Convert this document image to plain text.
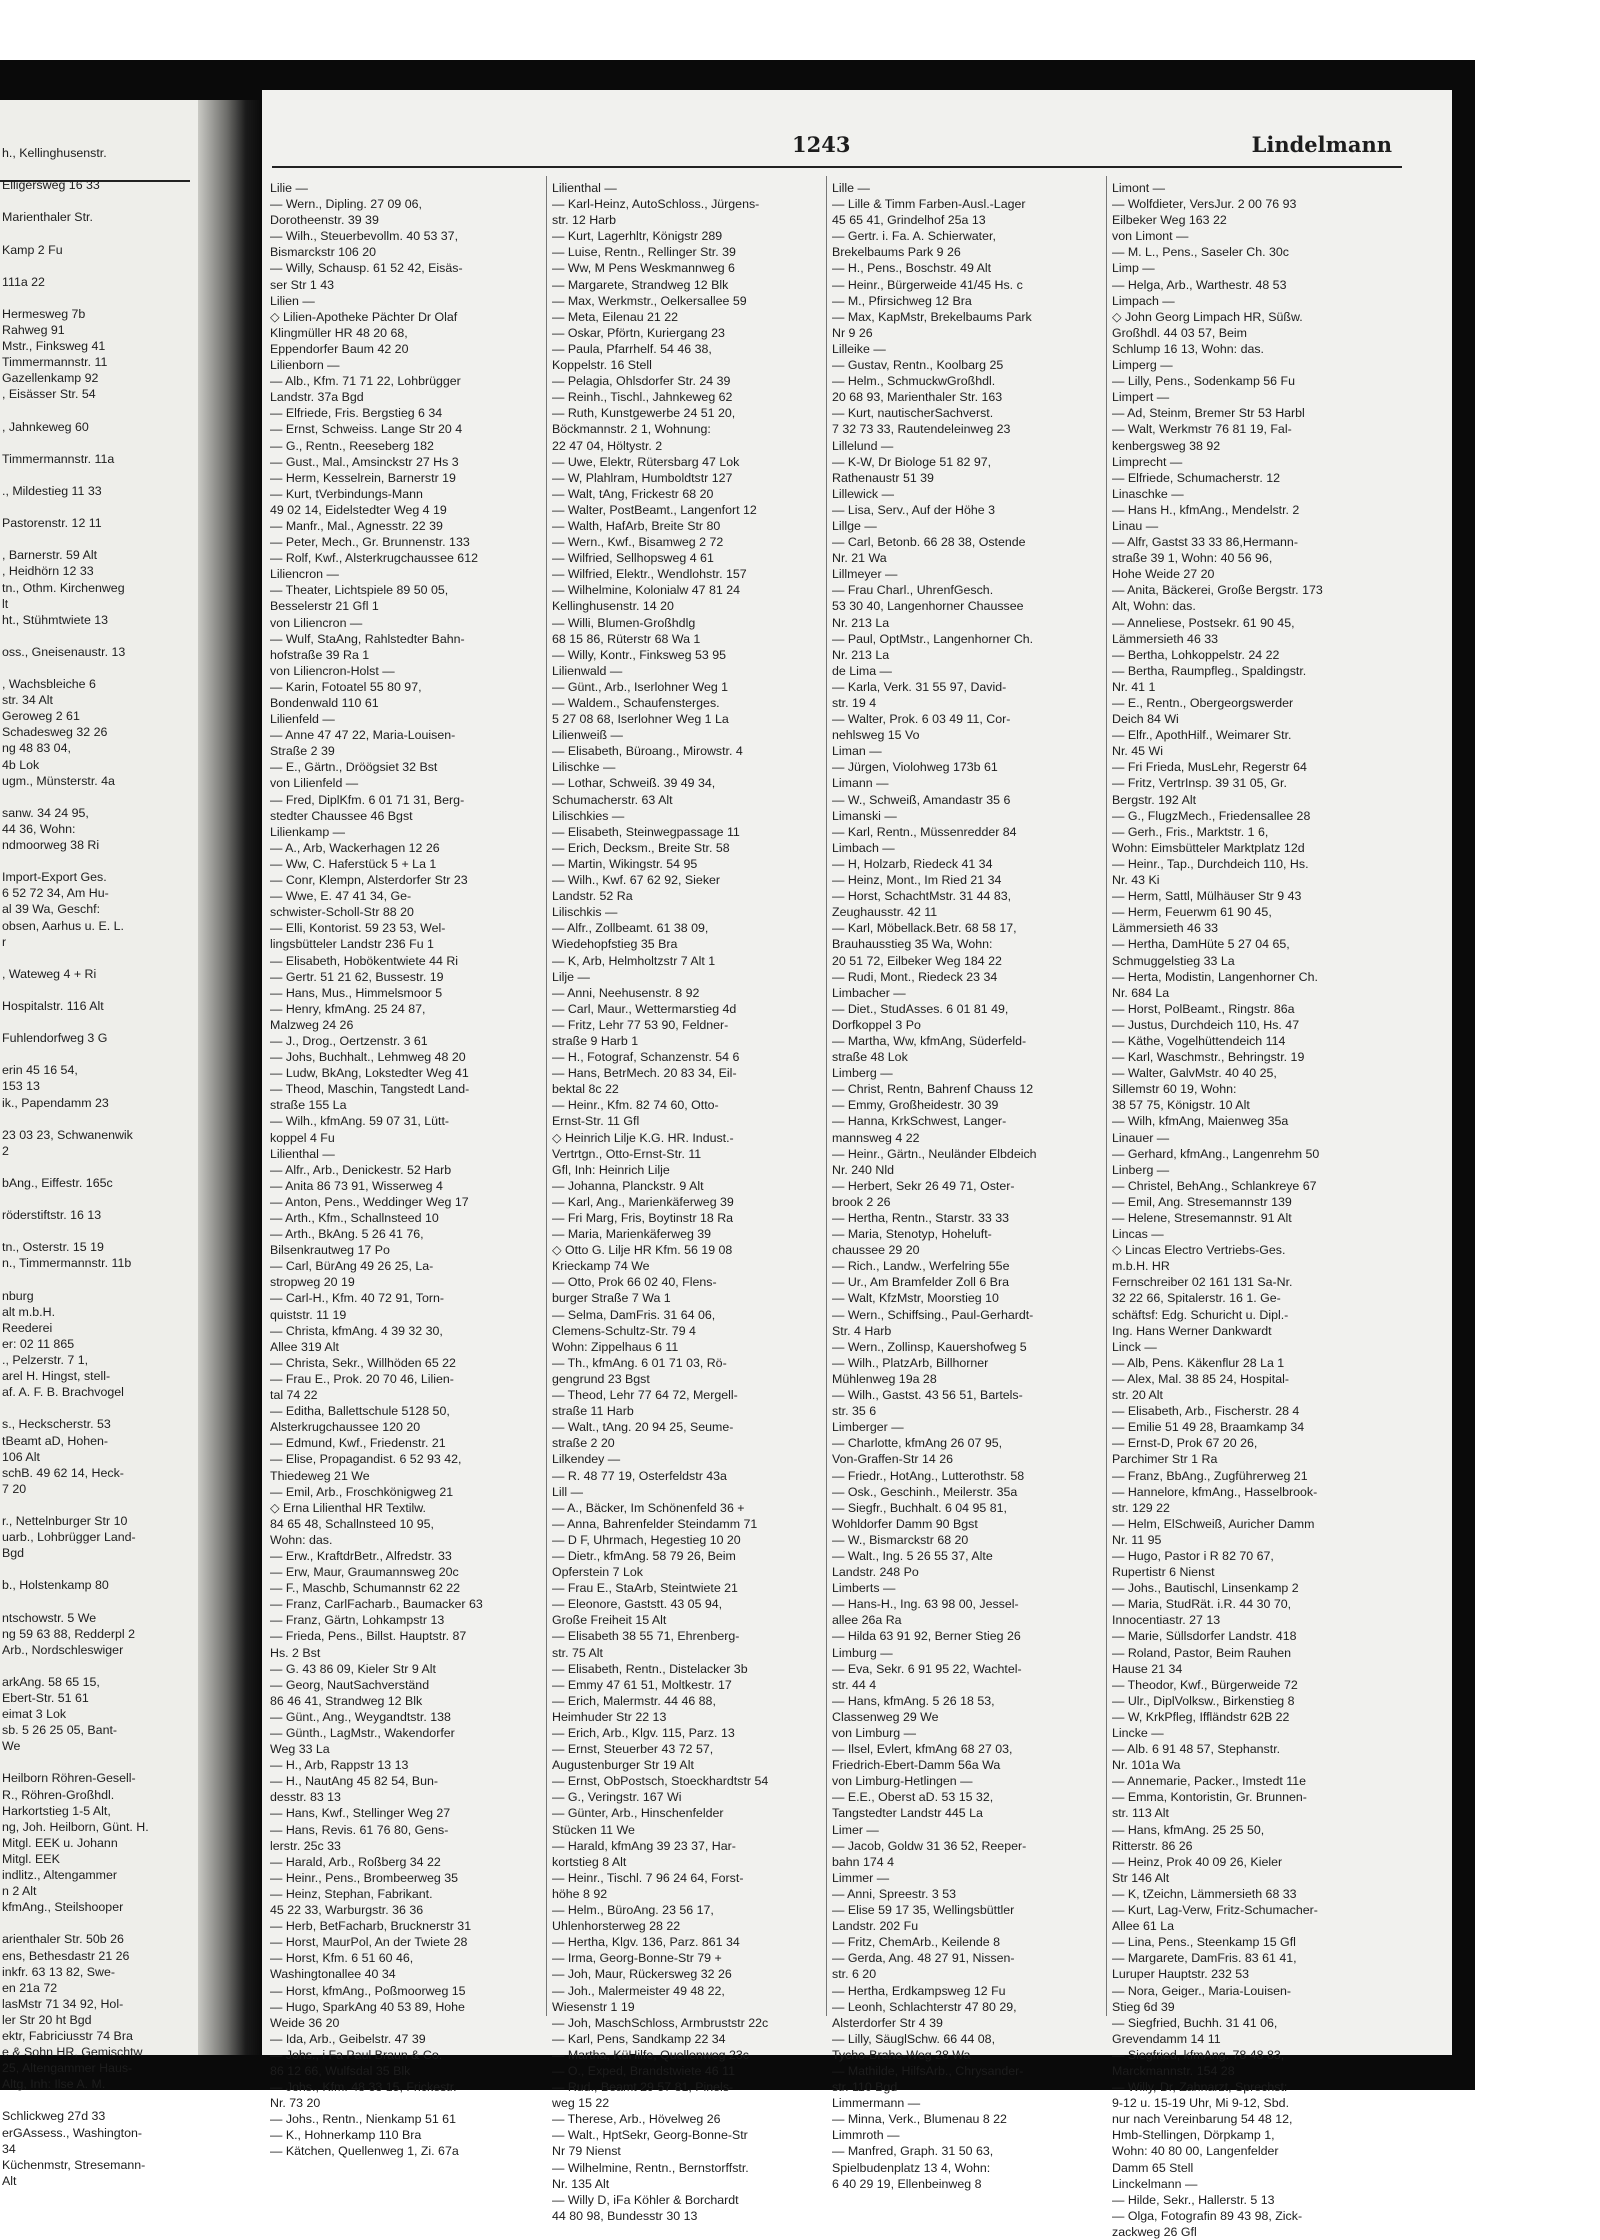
h., Kellinghusenstr.
Elligersweg 16 33
Marienthaler Str.
Kamp 2 Fu
111a 22
Hermesweg 7b
Rahweg 91
Mstr., Finksweg 41
Timmermannstr. 11
Gazellenkamp 92
, Eisässer Str. 54
, Jahnkeweg 60
Timmermannstr. 11a
., Mildestieg 11 33
Pastorenstr. 12 11
, Barnerstr. 59 Alt
, Heidhörn 12 33
tn., Othm. Kirchenweg
lt
ht., Stühmtwiete 13
oss., Gneisenaustr. 13
, Wachsbleiche 6
str. 34 Alt
Geroweg 2 61
Schadesweg 32 26
ng 48 83 04,
4b Lok
ugm., Münsterstr. 4a
sanw. 34 24 95,
44 36, Wohn:
ndmoorweg 38 Ri
Import-Export Ges.
6 52 72 34, Am Hu-
al 39 Wa, Geschf:
obsen, Aarhus u. E. L.
r
, Wateweg 4 + Ri
Hospitalstr. 116 Alt
Fuhlendorfweg 3 G
erin 45 16 54,
153 13
ik., Papendamm 23
23 03 23, Schwanenwik
2
bAng., Eiffestr. 165c
röderstiftstr. 16 13
tn., Osterstr. 15 19
n., Timmermannstr. 11b
nburg
alt m.b.H.
Reederei
er: 02 11 865
., Pelzerstr. 7 1,
arel H. Hingst, stell-
af. A. F. B. Brachvogel
s., Heckscherstr. 53
tBeamt aD, Hohen-
106 Alt
schB. 49 62 14, Heck-
7 20
r., Nettelnburger Str 10
uarb., Lohbrügger Land-
Bgd
b., Holstenkamp 80
ntschowstr. 5 We
ng 59 63 88, Redderpl 2
Arb., Nordschleswiger
arkAng. 58 65 15,
Ebert-Str. 51 61
eimat 3 Lok
sb. 5 26 25 05, Bant-
We
Heilborn Röhren-Gesell-
R., Röhren-Großhdl.
Harkortstieg 1-5 Alt,
ng, Joh. Heilborn, Günt. H.
Mitgl. EEK u. Johann
Mitgl. EEK
indlitz., Altengammer
n 2 Alt
kfmAng., Steilshooper
arienthaler Str. 50b 26
ens, Bethesdastr 21 26
inkfr. 63 13 82, Swe-
en 21a 72
lasMstr 71 34 92, Hol-
ler Str 20 ht Bgd
ektr, Fabriciusstr 74 Bra
e & Sohn HR, Gemischtw
25, Altengammer Haus-
Altg, Inh: Ilse A. M.
Schlickweg 27d 33
erGAssess., Washington-
34
Küchenmstr, Stresemann-
Alt
1243	Lindelmann
Lilie —
— Wern., Dipling. 27 09 06,
Dorotheenstr. 39 39
— Wilh., Steuerbevollm. 40 53 37,
Bismarckstr 106 20
— Willy, Schausp. 61 52 42, Eisäs-
ser Str 1 43
Lilien —
◇ Lilien-Apotheke Pächter Dr Olaf
Klingmüller HR 48 20 68,
Eppendorfer Baum 42 20
Lilienborn —
— Alb., Kfm. 71 71 22, Lohbrügger
Landstr. 37a Bgd
— Elfriede, Fris. Bergstieg 6 34
— Ernst, Schweiss. Lange Str 20 4
— G., Rentn., Reeseberg 182
— Gust., Mal., Amsinckstr 27 Hs 3
— Herm, Kesselrein, Barnerstr 19
— Kurt, tVerbindungs-Mann
49 02 14, Eidelstedter Weg 4 19
— Manfr., Mal., Agnesstr. 22 39
— Peter, Mech., Gr. Brunnenstr. 133
— Rolf, Kwf., Alsterkrugchaussee 612
Liliencron —
— Theater, Lichtspiele 89 50 05,
Besselerstr 21 Gfl 1
von Liliencron —
— Wulf, StaAng, Rahlstedter Bahn-
hofstraße 39 Ra 1
von Liliencron-Holst —
— Karin, Fotoatel 55 80 97,
Bondenwald 110 61
Lilienfeld —
— Anne 47 47 22, Maria-Louisen-
Straße 2 39
— E., Gärtn., Dröögsiet 32 Bst
von Lilienfeld —
— Fred, DiplKfm. 6 01 71 31, Berg-
stedter Chaussee 46 Bgst
Lilienkamp —
— A., Arb, Wackerhagen 12 26
— Ww, C. Haferstück 5 + La 1
— Conr, Klempn, Alsterdorfer Str 23
— Wwe, E. 47 41 34, Ge-
schwister-Scholl-Str 88 20
— Elli, Kontorist. 59 23 53, Wel-
lingsbütteler Landstr 236 Fu 1
— Elisabeth, Hobökentwiete 44 Ri
— Gertr. 51 21 62, Bussestr. 19
— Hans, Mus., Himmelsmoor 5
— Henry, kfmAng. 25 24 87,
Malzweg 24 26
— J., Drog., Oertzenstr. 3 61
— Johs, Buchhalt., Lehmweg 48 20
— Ludw, BkAng, Lokstedter Weg 41
— Theod, Maschin, Tangstedt Land-
straße 155 La
— Wilh., kfmAng. 59 07 31, Lütt-
koppel 4 Fu
Lilienthal —
— Alfr., Arb., Denickestr. 52 Harb
— Anita 86 73 91, Wisserweg 4
— Anton, Pens., Weddinger Weg 17
— Arth., Kfm., Schallnsteed 10
— Arth., BkAng. 5 26 41 76,
Bilsenkrautweg 17 Po
— Carl, BürAng 49 26 25, La-
stropweg 20 19
— Carl-H., Kfm. 40 72 91, Torn-
quiststr. 11 19
— Christa, kfmAng. 4 39 32 30,
Allee 319 Alt
— Christa, Sekr., Willhöden 65 22
— Frau E., Prok. 20 70 46, Lilien-
tal 74 22
— Editha, Ballettschule 5128 50,
Alsterkrugchaussee 120 20
— Edmund, Kwf., Friedenstr. 21
— Elise, Propagandist. 6 52 93 42,
Thiedeweg 21 We
— Emil, Arb., Froschkönigweg 21
◇ Erna Lilienthal HR Textilw.
84 65 48, Schallnsteed 10 95,
Wohn: das.
— Erw., KraftdrBetr., Alfredstr. 33
— Erw, Maur, Graumannsweg 20c
— F., Maschb, Schumannstr 62 22
— Franz, CarlFacharb., Baumacker 63
— Franz, Gärtn, Lohkampstr 13
— Frieda, Pens., Billst. Hauptstr. 87
Hs. 2 Bst
— G. 43 86 09, Kieler Str 9 Alt
— Georg, NautSachverständ
86 46 41, Strandweg 12 Blk
— Günt., Ang., Weygandtstr. 138
— Günth., LagMstr., Wakendorfer
Weg 33 La
— H., Arb, Rappstr 13 13
— H., NautAng 45 82 54, Bun-
desstr. 83 13
— Hans, Kwf., Stellinger Weg 27
— Hans, Revis. 61 76 80, Gens-
lerstr. 25c 33
— Harald, Arb., Roßberg 34 22
— Heinr., Pens., Brombeerweg 35
— Heinz, Stephan, Fabrikant.
45 22 33, Warburgstr. 36 36
— Herb, BetFacharb, Brucknerstr 31
— Horst, MaurPol, An der Twiete 28
— Horst, Kfm. 6 51 60 46,
Washingtonallee 40 34
— Horst, kfmAng., Poßmoorweg 15
— Hugo, SparkAng 40 53 89, Hohe
Weide 36 20
— Ida, Arb., Geibelstr. 47 39
— Johs., i Fa Paul Braun & Co.
86 12 66, Wulfsdal 35 Blk
— Johs., Kfm. 48 33 15, Frickestr.
Nr. 73 20
— Johs., Rentn., Nienkamp 51 61
— K., Hohnerkamp 110 Bra
— Kätchen, Quellenweg 1, Zi. 67a
Lilienthal —
— Karl-Heinz, AutoSchloss., Jürgens-
str. 12 Harb
— Kurt, Lagerhltr, Königstr 289
— Luise, Rentn., Rellinger Str. 39
— Ww, M Pens Weskmannweg 6
— Margarete, Strandweg 12 Blk
— Max, Werkmstr., Oelkersallee 59
— Meta, Eilenau 21 22
— Oskar, Pförtn, Kuriergang 23
— Paula, Pfarrhelf. 54 46 38,
Koppelstr. 16 Stell
— Pelagia, Ohlsdorfer Str. 24 39
— Reinh., Tischl., Jahnkeweg 62
— Ruth, Kunstgewerbe 24 51 20,
Böckmannstr. 2 1, Wohnung:
22 47 04, Höltystr. 2
— Uwe, Elektr, Rütersbarg 47 Lok
— W, Plahlram, Humboldtstr 127
— Walt, tAng, Frickestr 68 20
— Walter, PostBeamt., Langenfort 12
— Walth, HafArb, Breite Str 80
— Wern., Kwf., Bisamweg 2 72
— Wilfried, Sellhopsweg 4 61
— Wilfried, Elektr., Wendlohstr. 157
— Wilhelmine, Kolonialw 47 81 24
Kellinghusenstr. 14 20
— Willi, Blumen-Großhdlg
68 15 86, Rüterstr 68 Wa 1
— Willy, Kontr., Finksweg 53 95
Lilienwald —
— Günt., Arb., Iserlohner Weg 1
— Waldem., Schaufensterges.
5 27 08 68, Iserlohner Weg 1 La
Lilienweiß —
— Elisabeth, Büroang., Mirowstr. 4
Lilischke —
— Lothar, Schweiß. 39 49 34,
Schumacherstr. 63 Alt
Lilischkies —
— Elisabeth, Steinwegpassage 11
— Erich, Decksm., Breite Str. 58
— Martin, Wikingstr. 54 95
— Wilh., Kwf. 67 62 92, Sieker
Landstr. 52 Ra
Lilischkis —
— Alfr., Zollbeamt. 61 38 09,
Wiedehopfstieg 35 Bra
— K, Arb, Helmholtzstr 7 Alt 1
Lilje —
— Anni, Neehusenstr. 8 92
— Carl, Maur., Wettermarstieg 4d
— Fritz, Lehr 77 53 90, Feldner-
straße 9 Harb 1
— H., Fotograf, Schanzenstr. 54 6
— Hans, BetrMech. 20 83 34, Eil-
bektal 8c 22
— Heinr., Kfm. 82 74 60, Otto-
Ernst-Str. 11 Gfl
◇ Heinrich Lilje K.G. HR. Indust.-
Vertrtgn., Otto-Ernst-Str. 11
Gfl, Inh: Heinrich Lilje
— Johanna, Planckstr. 9 Alt
— Karl, Ang., Marienkäferweg 39
— Fri Marg, Fris, Boytinstr 18 Ra
— Maria, Marienkäferweg 39
◇ Otto G. Lilje HR Kfm. 56 19 08
Krieckamp 74 We
— Otto, Prok 66 02 40, Flens-
burger Straße 7 Wa 1
— Selma, DamFris. 31 64 06,
Clemens-Schultz-Str. 79 4
Wohn: Zippelhaus 6 11
— Th., kfmAng. 6 01 71 03, Rö-
gengrund 23 Bgst
— Theod, Lehr 77 64 72, Mergell-
straße 11 Harb
— Walt., tAng. 20 94 25, Seume-
straße 2 20
Lilkendey —
— R. 48 77 19, Osterfeldstr 43a
Lill —
— A., Bäcker, Im Schönenfeld 36 +
— Anna, Bahrenfelder Steindamm 71
— D F, Uhrmach, Hegestieg 10 20
— Dietr., kfmAng. 58 79 26, Beim
Opferstein 7 Lok
— Frau E., StaArb, Steintwiete 21
— Eleonore, Gaststt. 43 05 94,
Große Freiheit 15 Alt
— Elisabeth 38 55 71, Ehrenberg-
str. 75 Alt
— Elisabeth, Rentn., Distelacker 3b
— Emmy 47 61 51, Moltkestr. 17
— Erich, Malermstr. 44 46 88,
Heimhuder Str 22 13
— Erich, Arb., Klgv. 115, Parz. 13
— Ernst, Steuerber 43 72 57,
Augustenburger Str 19 Alt
— Ernst, ObPostsch, Stoeckhardtstr 54
— G., Veringstr. 167 Wi
— Günter, Arb., Hinschenfelder
Stücken 11 We
— Harald, kfmAng 39 23 37, Har-
kortstieg 8 Alt
— Heinr., Tischl. 7 96 24 64, Forst-
höhe 8 92
— Helm., BüroAng. 23 56 17,
Uhlenhorsterweg 28 22
— Hertha, Klgv. 136, Parz. 861 34
— Irma, Georg-Bonne-Str 79 +
— Joh, Maur, Rückersweg 32 26
— Joh., Malermeister 49 48 22,
Wiesenstr 1 19
— Joh, MaschSchloss, Armbruststr 22c
— Karl, Pens, Sandkamp 22 34
— Martha, KüHilfe, Quellenweg 23c
— O., Exped, Brandstwiete 46 11
— Rud., Beamt 29 57 81, Pinels-
weg 15 22
— Therese, Arb., Hövelweg 26
— Walt., HptSekr, Georg-Bonne-Str
Nr 79 Nienst
— Wilhelmine, Rentn., Bernstorffstr.
Nr. 135 Alt
— Willy D, iFa Köhler & Borchardt
44 80 98, Bundesstr 30 13
Lille —
— Lille & Timm Farben-Ausl.-Lager
45 65 41, Grindelhof 25a 13
— Gertr. i. Fa. A. Schierwater,
Brekelbaums Park 9 26
— H., Pens., Boschstr. 49 Alt
— Heinr., Bürgerweide 41/45 Hs. c
— M., Pfirsichweg 12 Bra
— Max, KapMstr, Brekelbaums Park
Nr 9 26
Lilleike —
— Gustav, Rentn., Koolbarg 25
— Helm., SchmuckwGroßhdl.
20 68 93, Marienthaler Str. 163
— Kurt, nautischerSachverst.
7 32 73 33, Rautendeleinweg 23
Lillelund —
— K-W, Dr Biologe 51 82 97,
Rathenaustr 51 39
Lillewick —
— Lisa, Serv., Auf der Höhe 3
Lillge —
— Carl, Betonb. 66 28 38, Ostende
Nr. 21 Wa
Lillmeyer —
— Frau Charl., UhrenfGesch.
53 30 40, Langenhorner Chaussee
Nr. 213 La
— Paul, OptMstr., Langenhorner Ch.
Nr. 213 La
de Lima —
— Karla, Verk. 31 55 97, David-
str. 19 4
— Walter, Prok. 6 03 49 11, Cor-
nehlsweg 15 Vo
Liman —
— Jürgen, Violohweg 173b 61
Limann —
— W., Schweiß, Amandastr 35 6
Limanski —
— Karl, Rentn., Müssenredder 84
Limbach —
— H, Holzarb, Riedeck 41 34
— Heinz, Mont., Im Ried 21 34
— Horst, SchachtMstr. 31 44 83,
Zeughausstr. 42 11
— Karl, Möbellack.Betr. 68 58 17,
Brauhausstieg 35 Wa, Wohn:
20 51 72, Eilbeker Weg 184 22
— Rudi, Mont., Riedeck 23 34
Limbacher —
— Diet., StudAsses. 6 01 81 49,
Dorfkoppel 3 Po
— Martha, Ww, kfmAng, Süderfeld-
straße 48 Lok
Limberg —
— Christ, Rentn, Bahrenf Chauss 12
— Emmy, Großheidestr. 30 39
— Hanna, KrkSchwest, Langer-
mannsweg 4 22
— Heinr., Gärtn., Neuländer Elbdeich
Nr. 240 Nld
— Herbert, Sekr 26 49 71, Oster-
brook 2 26
— Hertha, Rentn., Starstr. 33 33
— Maria, Stenotyp, Hoheluft-
chaussee 29 20
— Rich., Landw., Werfelring 55e
— Ur., Am Bramfelder Zoll 6 Bra
— Walt, KfzMstr, Moorstieg 10
— Wern., Schiffsing., Paul-Gerhardt-
Str. 4 Harb
— Wern., Zollinsp, Kauershofweg 5
— Wilh., PlatzArb, Billhorner
Mühlenweg 19a 28
— Wilh., Gastst. 43 56 51, Bartels-
str. 35 6
Limberger —
— Charlotte, kfmAng 26 07 95,
Von-Graffen-Str 14 26
— Friedr., HotAng., Lutterothstr. 58
— Osk., Geschinh., Meilerstr. 35a
— Siegfr., Buchhalt. 6 04 95 81,
Wohldorfer Damm 90 Bgst
— W., Bismarckstr 68 20
— Walt., Ing. 5 26 55 37, Alte
Landstr. 248 Po
Limberts —
— Hans-H., Ing. 63 98 00, Jessel-
allee 26a Ra
— Hilda 63 91 92, Berner Stieg 26
Limburg —
— Eva, Sekr. 6 91 95 22, Wachtel-
str. 44 4
— Hans, kfmAng. 5 26 18 53,
Classenweg 29 We
von Limburg —
— Ilsel, Evlert, kfmAng 68 27 03,
Friedrich-Ebert-Damm 56a Wa
von Limburg-Hetlingen —
— E.E., Oberst aD. 53 15 32,
Tangstedter Landstr 445 La
Limer —
— Jacob, Goldw 31 36 52, Reeper-
bahn 174 4
Limmer —
— Anni, Spreestr. 3 53
— Elise 59 17 35, Wellingsbüttler
Landstr. 202 Fu
— Fritz, ChemArb., Keilende 8
— Gerda, Ang. 48 27 91, Nissen-
str. 6 20
— Hertha, Erdkampsweg 12 Fu
— Leonh, Schlachterstr 47 80 29,
Alsterdorfer Str 4 39
— Lilly, SäuglSchw. 66 44 08,
Tycho-Brahe-Weg 28 Wa
— Mathilde, HilfsArb., Chrysander-
str. 110 Bgd
Limmermann —
— Minna, Verk., Blumenau 8 22
Limmroth —
— Manfred, Graph. 31 50 63,
Spielbudenplatz 13 4, Wohn:
6 40 29 19, Ellenbeinweg 8
Limont —
— Wolfdieter, VersJur. 2 00 76 93
Eilbeker Weg 163 22
von Limont —
— M. L., Pens., Saseler Ch. 30c
Limp —
— Helga, Arb., Warthestr. 48 53
Limpach —
◇ John Georg Limpach HR, Süßw.
Großhdl. 44 03 57, Beim
Schlump 16 13, Wohn: das.
Limperg —
— Lilly, Pens., Sodenkamp 56 Fu
Limpert —
— Ad, Steinm, Bremer Str 53 Harbl
— Walt, Werkmstr 76 81 19, Fal-
kenbergsweg 38 92
Limprecht —
— Elfriede, Schumacherstr. 12
Linaschke —
— Hans H., kfmAng., Mendelstr. 2
Linau —
— Alfr, Gastst 33 33 86,Hermann-
straße 39 1, Wohn: 40 56 96,
Hohe Weide 27 20
— Anita, Bäckerei, Große Bergstr. 173
Alt, Wohn: das.
— Anneliese, Postsekr. 61 90 45,
Lämmersieth 46 33
— Bertha, Lohkoppelstr. 24 22
— Bertha, Raumpfleg., Spaldingstr.
Nr. 41 1
— E., Rentn., Obergeorgswerder
Deich 84 Wi
— Elfr., ApothHilf., Weimarer Str.
Nr. 45 Wi
— Fri Frieda, MusLehr, Regerstr 64
— Fritz, VertrInsp. 39 31 05, Gr.
Bergstr. 192 Alt
— G., FlugzMech., Friedensallee 28
— Gerh., Fris., Marktstr. 1 6,
Wohn: Eimsbütteler Marktplatz 12d
— Heinr., Tap., Durchdeich 110, Hs.
Nr. 43 Ki
— Herm, Sattl, Mülhäuser Str 9 43
— Herm, Feuerwm 61 90 45,
Lämmersieth 46 33
— Hertha, DamHüte 5 27 04 65,
Schmuggelstieg 33 La
— Herta, Modistin, Langenhorner Ch.
Nr. 684 La
— Horst, PolBeamt., Ringstr. 86a
— Justus, Durchdeich 110, Hs. 47
— Käthe, Vogelhüttendeich 114
— Karl, Waschmstr., Behringstr. 19
— Walter, GalvMstr. 40 40 25,
Sillemstr 60 19, Wohn:
38 57 75, Königstr. 10 Alt
— Wilh, kfmAng, Maienweg 35a
Linauer —
— Gerhard, kfmAng., Langenrehm 50
Linberg —
— Christel, BehAng., Schlankreye 67
— Emil, Ang. Stresemannstr 139
— Helene, Stresemannstr. 91 Alt
Lincas —
◇ Lincas Electro Vertriebs-Ges.
m.b.H. HR
Fernschreiber 02 161 131 Sa-Nr.
32 22 66, Spitalerstr. 16 1. Ge-
schäftsf: Edg. Schuricht u. Dipl.-
Ing. Hans Werner Dankwardt
Linck —
— Alb, Pens. Käkenflur 28 La 1
— Alex, Mal. 38 85 24, Hospital-
str. 20 Alt
— Elisabeth, Arb., Fischerstr. 28 4
— Emilie 51 49 28, Braamkamp 34
— Ernst-D, Prok 67 20 26,
Parchimer Str 1 Ra
— Franz, BbAng., Zugführerweg 21
— Hannelore, kfmAng., Hasselbrook-
str. 129 22
— Helm, ElSchweiß, Auricher Damm
Nr. 11 95
— Hugo, Pastor i R 82 70 67,
Rupertistr 6 Nienst
— Johs., Bautischl, Linsenkamp 2
— Maria, StudRät. i.R. 44 30 70,
Innocentiastr. 27 13
— Marie, Süllsdorfer Landstr. 418
— Roland, Pastor, Beim Rauhen
Hause 21 34
— Theodor, Kwf., Bürgerweide 72
— Ulr., DiplVolksw., Birkenstieg 8
— W, KrkPfleg, Iffländstr 62B 22
Lincke —
— Alb. 6 91 48 57, Stephanstr.
Nr. 101a Wa
— Annemarie, Packer., Imstedt 11e
— Emma, Kontoristin, Gr. Brunnen-
str. 113 Alt
— Hans, kfmAng. 25 25 50,
Ritterstr. 86 26
— Heinz, Prok 40 09 26, Kieler
Str 146 Alt
— K, tZeichn, Lämmersieth 68 33
— Kurt, Lag-Verw, Fritz-Schumacher-
Allee 61 La
— Lina, Pens., Steenkamp 15 Gfl
— Margarete, DamFris. 83 61 41,
Luruper Hauptstr. 232 53
— Nora, Geiger., Maria-Louisen-
Stieg 6d 39
— Siegfried, Buchh. 31 41 06,
Grevendamm 14 11
— Siegfried, kfmAng. 78 48 83,
Marckmannstr. 154 28
— Willy, Dr, Zahnarzt, Sprechst:
9-12 u. 15-19 Uhr, Mi 9-12, Sbd.
nur nach Vereinbarung 54 48 12,
Hmb-Stellingen, Dörpkamp 1,
Wohn: 40 80 00, Langenfelder
Damm 65 Stell
Linckelmann —
— Hilde, Sekr., Hallerstr. 5 13
— Olga, Fotografin 89 43 98, Zick-
zackweg 26 Gfl
